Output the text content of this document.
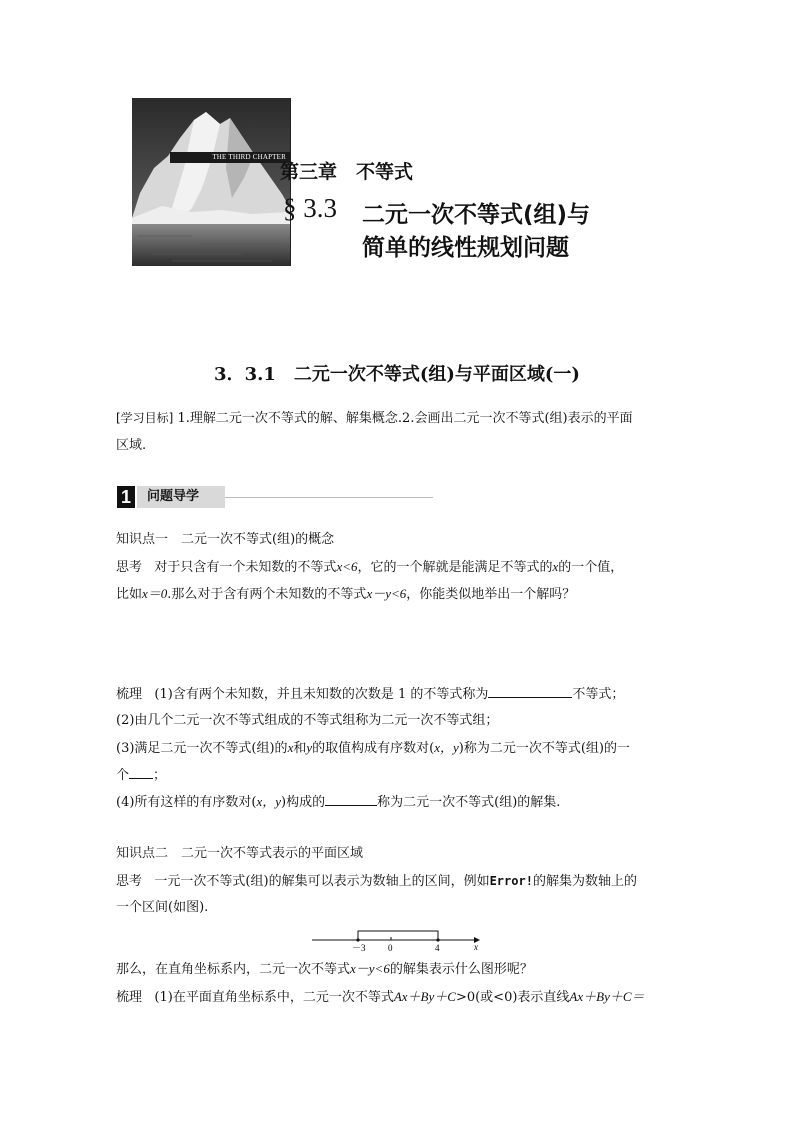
THE THIRD CHAPTER
第三章　不等式
§ 3.3 二元一次不等式(组)与
简单的线性规划问题
3．3.1　二元一次不等式(组)与平面区域(一)
[学习目标] 1.理解二元一次不等式的解、解集概念.2.会画出二元一次不等式(组)表示的平面
区域.
1	问题导学
知识点一　二元一次不等式(组)的概念
思考 对于只含有一个未知数的不等式x<6，它的一个解就是能满足不等式的x的一个值，
比如x＝0.那么对于含有两个未知数的不等式x－y<6，你能类似地举出一个解吗？
梳理 (1)含有两个未知数，并且未知数的次数是 1 的不等式称为	不等式；
(2)由几个二元一次不等式组成的不等式组称为二元一次不等式组；
(3)满足二元一次不等式(组)的x和y的取值构成有序数对(x，y)称为二元一次不等式(组)的一
个 ；
(4)所有这样的有序数对(x，y)构成的	称为二元一次不等式(组)的解集.
知识点二　二元一次不等式表示的平面区域
思考 一元一次不等式(组)的解集可以表示为数轴上的区间，例如Error!的解集为数轴上的
一个区间(如图).
－3 0	4	x
那么，在直角坐标系内，二元一次不等式x－y<6的解集表示什么图形呢？
梳理 (1)在平面直角坐标系中，二元一次不等式Ax＋By＋C>0(或<0)表示直线Ax＋By＋C＝
